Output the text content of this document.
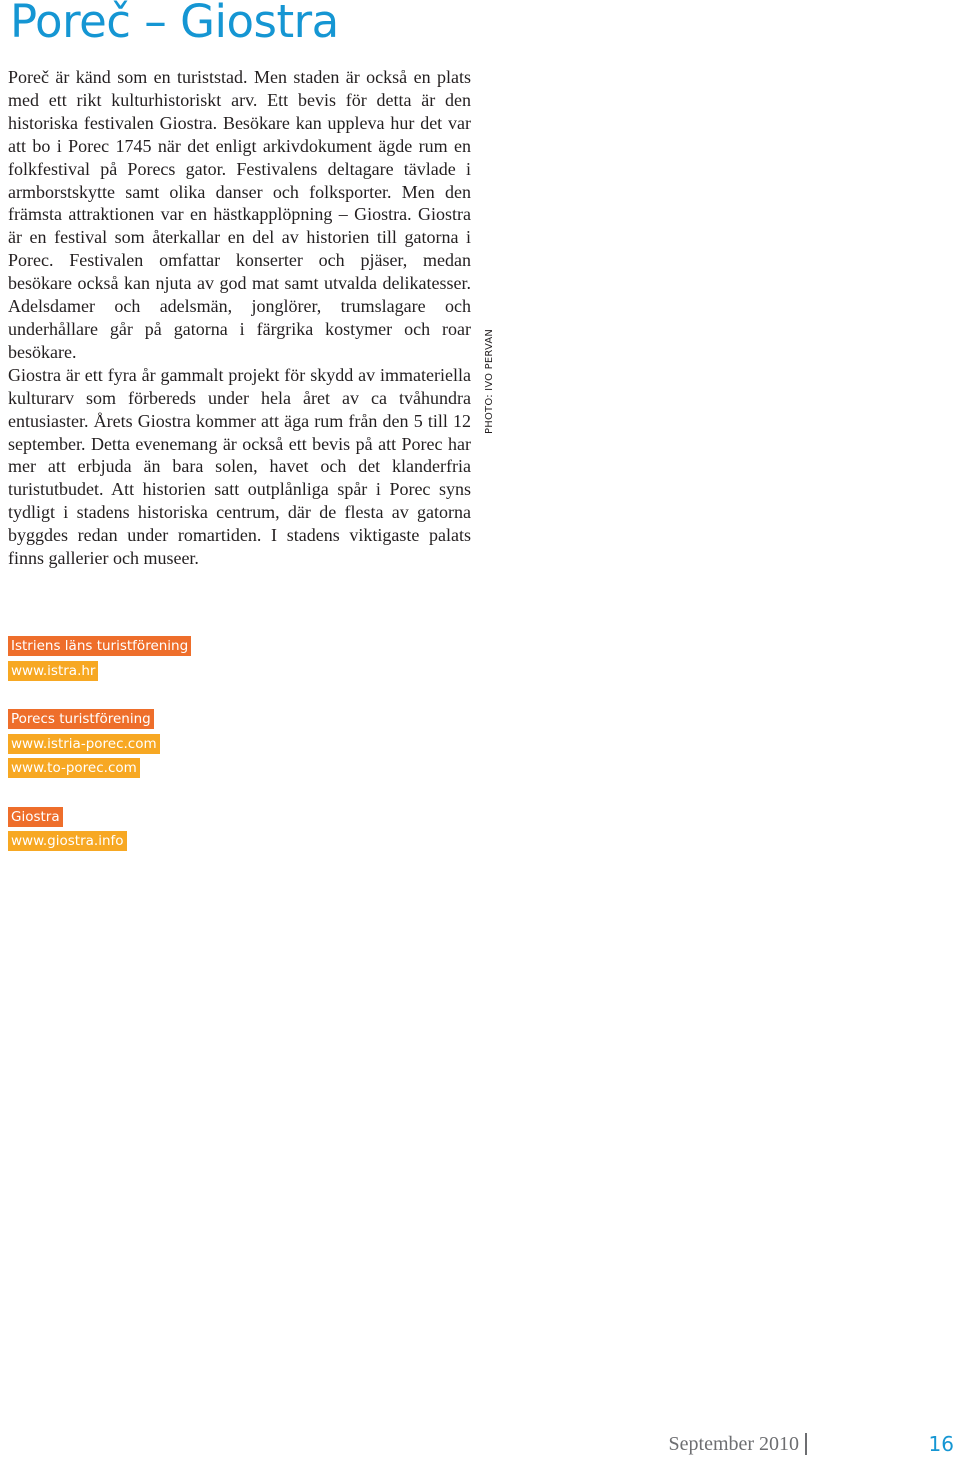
Poreč – Giostra

Poreč är känd som en turiststad. Men staden är också en plats med ett rikt kulturhistoriskt arv. Ett bevis för detta är den historiska festivalen Giostra. Besökare kan uppleva hur det var att bo i Porec 1745 när det enligt arkivdokument ägde rum en folkfestival på Porecs gator. Festivalens deltagare tävlade i armborstskytte samt olika danser och folksporter. Men den främsta attraktionen var en hästkapplöpning – Giostra. Giostra är en festival som återkallar en del av historien till gatorna i Porec. Festivalen omfattar konserter och pjäser, medan besökare också kan njuta av god mat samt utvalda delikatesser. Adelsdamer och adelsmän, jonglörer, trumslagare och underhållare går på gatorna i färgrika kostymer och roar besökare.

Giostra är ett fyra år gammalt projekt för skydd av immateriella kulturarv som förbereds under hela året av ca tvåhundra entusiaster. Årets Giostra kommer att äga rum från den 5 till 12 september. Detta evenemang är också ett bevis på att Porec har mer att erbjuda än bara solen, havet och det klanderfria turistutbudet. Att historien satt outplånliga spår i Porec syns tydligt i stadens historiska centrum, där de flesta av gatorna byggdes redan under romartiden. I stadens viktigaste palats finns gallerier och museer.

PHOTO: IVO PERVAN
Istriens läns turistförening
www.istra.hr
Porecs turistförening
www.istria-porec.com
www.to-porec.com
Giostra
www.giostra.info
September 2010	16
